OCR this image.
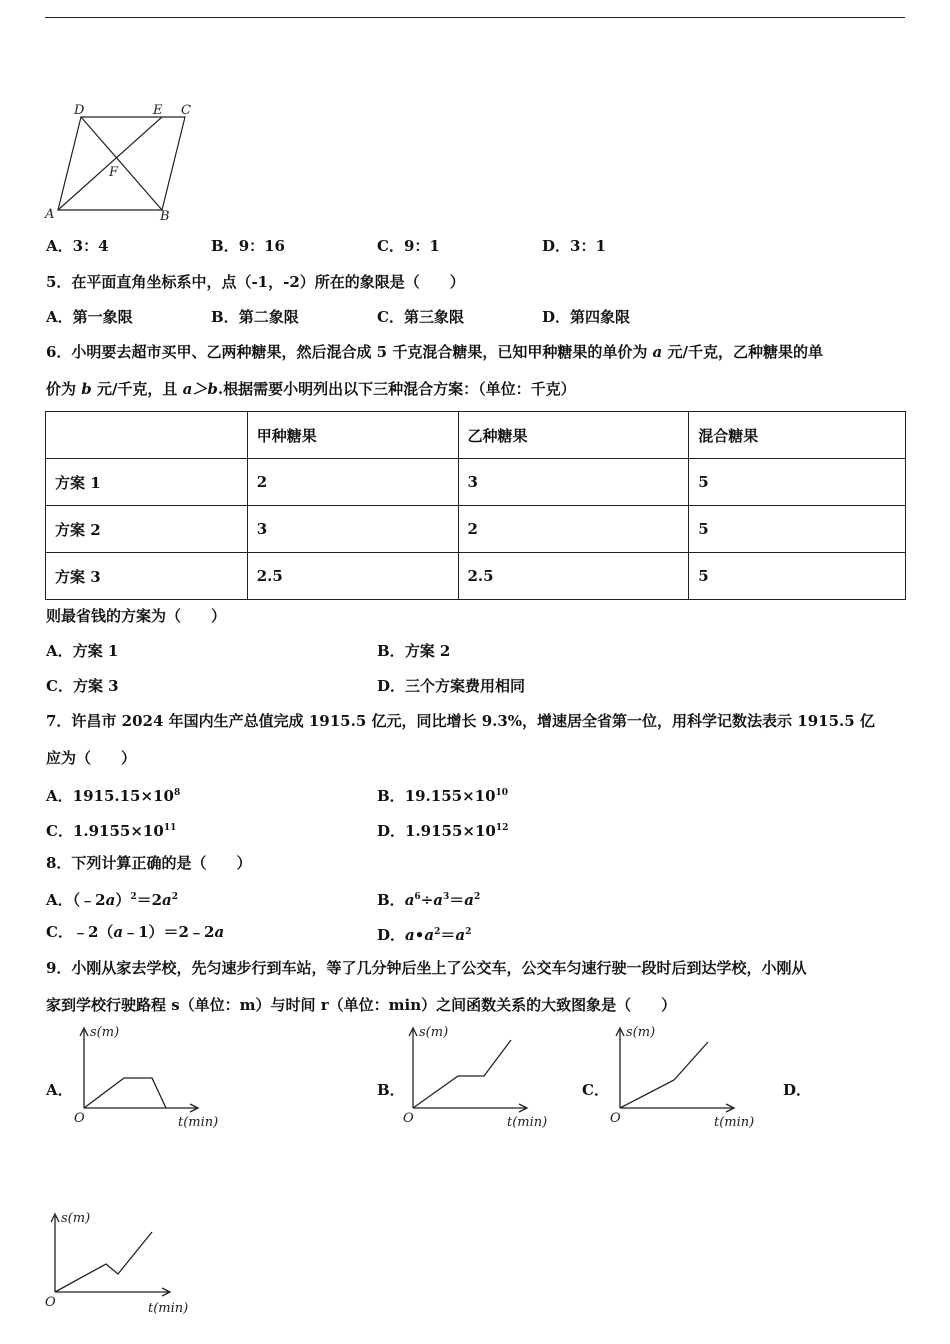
D	E C
F
A	B
A．3：4	B．9：16	C．9：1	D．3：1
5．在平面直角坐标系中，点（-1，-2）所在的象限是（　　）
A．第一象限	B．第二象限	C．第三象限	D．第四象限
6．小明要去超市买甲、乙两种糖果，然后混合成 5 千克混合糖果，已知甲种糖果的单价为 a 元/千克，乙种糖果的单
价为 b 元/千克，且 a＞b.根据需要小明列出以下三种混合方案：（单位：千克）
	甲种糖果	乙种糖果	混合糖果
方案 1	2	3	5
方案 2	3	2	5
方案 3	2.5	2.5	5
则最省钱的方案为（　　）
A．方案 1	B．方案 2
C．方案 3	D．三个方案费用相同
7．许昌市 2024 年国内生产总值完成 1915.5 亿元，同比增长 9.3%，增速居全省第一位，用科学记数法表示 1915.5 亿
应为（　　）
A．$1915.15\times 10^8$	B．$19.155\times 10^{10}$
C．$1.9155\times 10^{11}$	D．$1.9155\times 10^{12}$
8．下列计算正确的是（　　）
A．$(﹣2a)^2=2a^2$	B．$a^6\div a^3=a^2$
C．﹣2（a﹣1）＝2﹣2a	D．$a•a^2=a^2$
9．小刚从家去学校，先匀速步行到车站，等了几分钟后坐上了公交车，公交车匀速行驶一段时后到达学校，小刚从
家到学校行驶路程 s（单位：m）与时间 r（单位：min）之间函数关系的大致图象是（　　）
A．	B．	C．	D．
s(m)
O	t(min)
s(m)
O	t(min)
s(m)
O	t(min)
s(m)
O	t(min)
